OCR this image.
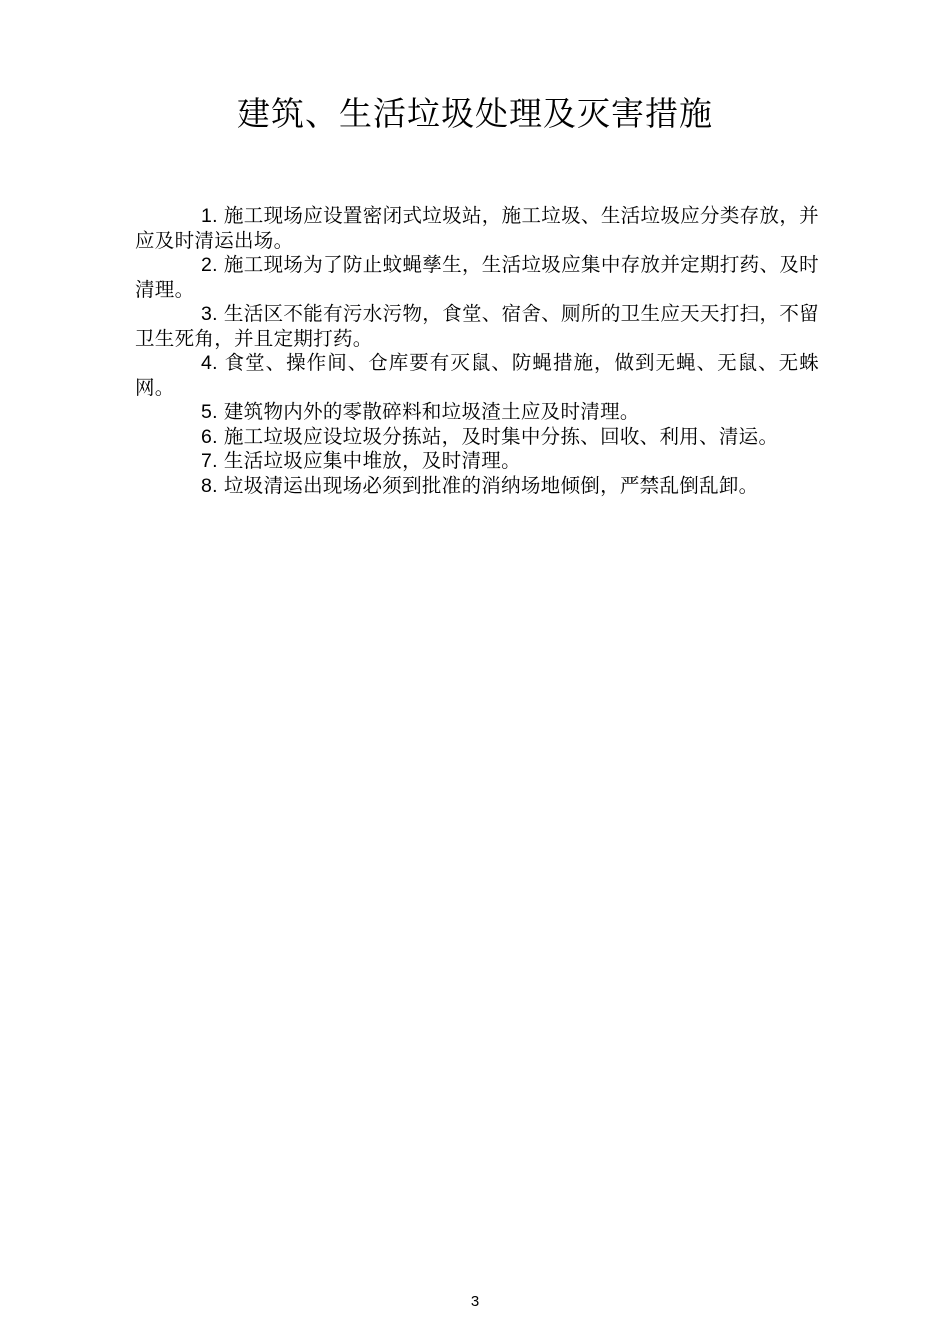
建筑、生活垃圾处理及灭害措施

1. 施工现场应设置密闭式垃圾站，施工垃圾、生活垃圾应分类存放，并应及时清运出场。

2. 施工现场为了防止蚊蝇孳生，生活垃圾应集中存放并定期打药、及时清理。

3. 生活区不能有污水污物，食堂、宿舍、厕所的卫生应天天打扫，不留卫生死角，并且定期打药。

4. 食堂、操作间、仓库要有灭鼠、防蝇措施，做到无蝇、无鼠、无蛛网。

5. 建筑物内外的零散碎料和垃圾渣土应及时清理。

6. 施工垃圾应设垃圾分拣站，及时集中分拣、回收、利用、清运。

7. 生活垃圾应集中堆放，及时清理。

8. 垃圾清运出现场必须到批准的消纳场地倾倒，严禁乱倒乱卸。

3
